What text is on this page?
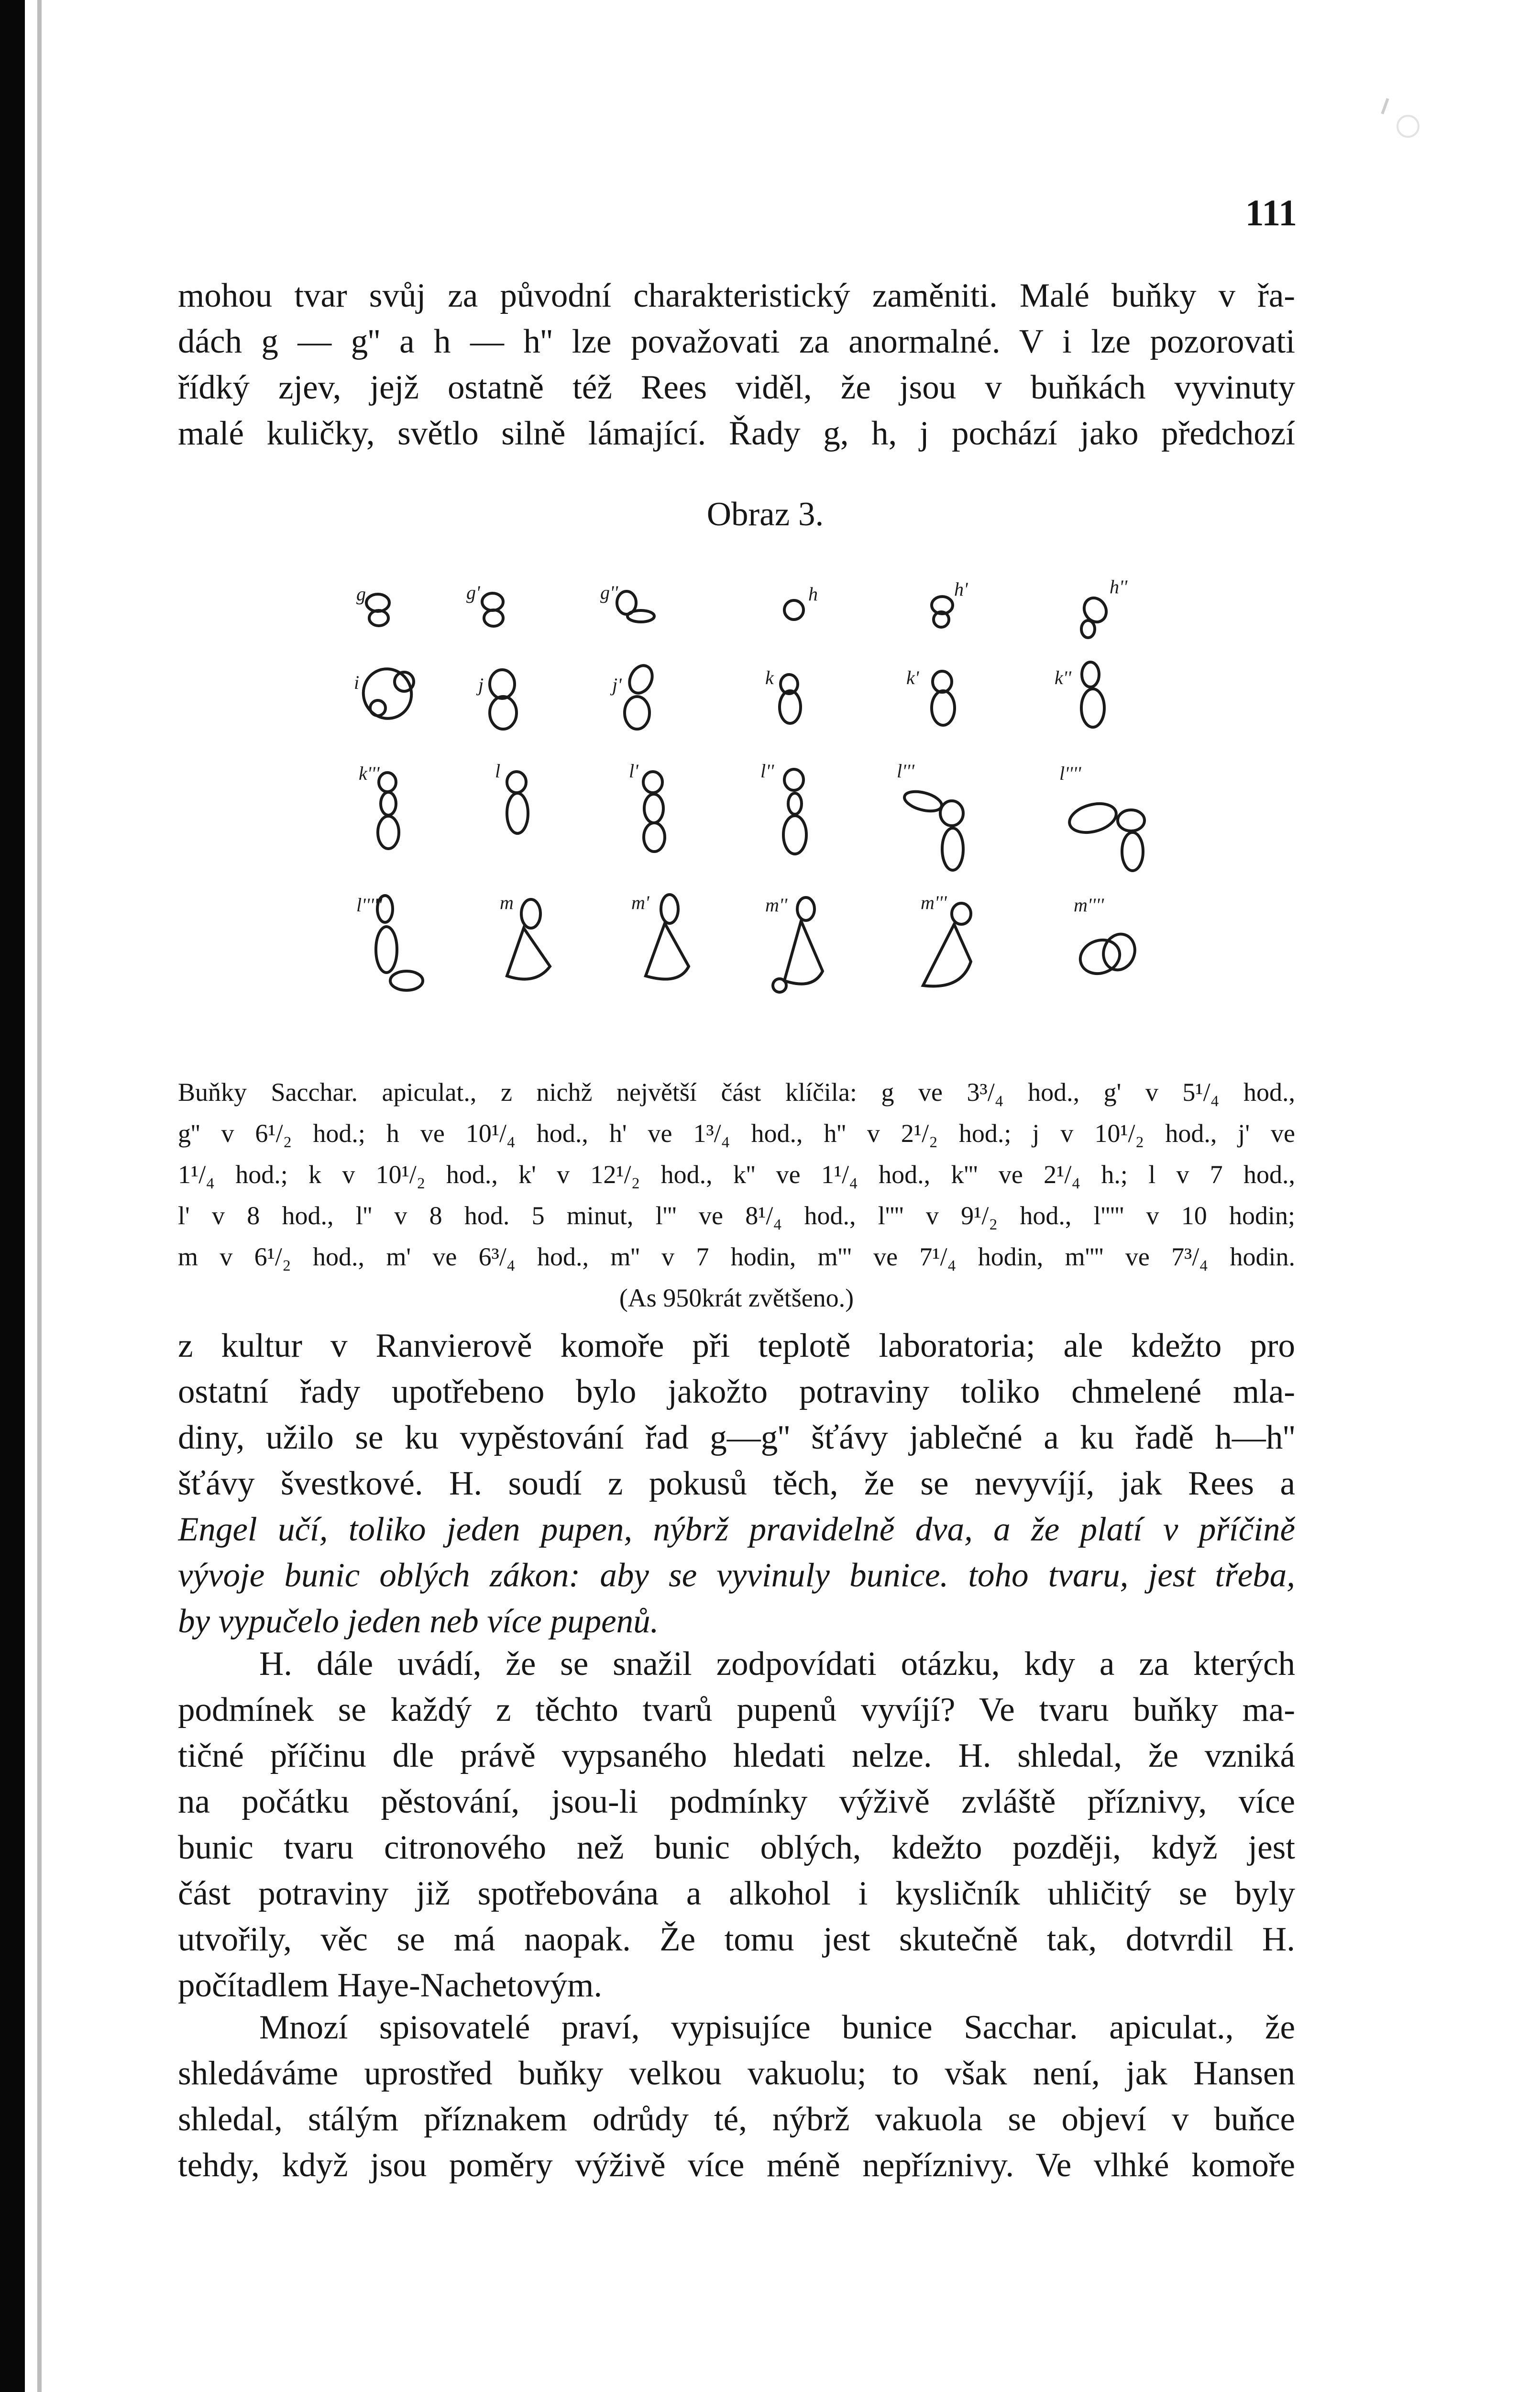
111
mohou tvar svůj za původní charakteristický zaměniti. Malé buňky v řa-
dách g — g'' a h — h'' lze považovati za anormalné. V i lze pozorovati
řídký zjev, jejž ostatně též Rees viděl, že jsou v buňkách vyvinuty
malé kuličky, světlo silně lámající. Řady g, h, j pochází jako předchozí
Obraz 3.
g	g'	g''	h	h'	h''
i	j	j'	k	k'	k''
k'''	l	l'	l''	l'''	l''''
l'''''	m	m'	m''	m'''	m''''
Buňky Sacchar. apiculat., z nichž největší část klíčila: g ve 3³/₄ hod., g' v 5¹/₄ hod.,
g'' v 6¹/₂ hod.; h ve 10¹/₄ hod., h' ve 1³/₄ hod., h'' v 2¹/₂ hod.; j v 10¹/₂ hod., j' ve
1¹/₄ hod.; k v 10¹/₂ hod., k' v 12¹/₂ hod., k'' ve 1¹/₄ hod., k''' ve 2¹/₄ h.; l v 7 hod.,
l' v 8 hod., l'' v 8 hod. 5 minut, l''' ve 8¹/₄ hod., l'''' v 9¹/₂ hod., l''''' v 10 hodin;
m v 6¹/₂ hod., m' ve 6³/₄ hod., m'' v 7 hodin, m''' ve 7¹/₄ hodin, m'''' ve 7³/₄ hodin.
(As 950krát zvětšeno.)
z kultur v Ranvierově komoře při teplotě laboratoria; ale kdežto pro
ostatní řady upotřebeno bylo jakožto potraviny toliko chmelené mla-
diny, užilo se ku vypěstování řad g—g'' šťávy jablečné a ku řadě h—h''
šťávy švestkové. H. soudí z pokusů těch, že se nevyvíjí, jak Rees a
Engel učí, toliko jeden pupen, nýbrž pravidelně dva, a že platí v příčině
vývoje bunic oblých zákon: aby se vyvinuly bunice. toho tvaru, jest třeba,
by vypučelo jeden neb více pupenů.
H. dále uvádí, že se snažil zodpovídati otázku, kdy a za kterých
podmínek se každý z těchto tvarů pupenů vyvíjí? Ve tvaru buňky ma-
tičné příčinu dle právě vypsaného hledati nelze. H. shledal, že vzniká
na počátku pěstování, jsou-li podmínky výživě zvláště příznivy, více
bunic tvaru citronového než bunic oblých, kdežto později, když jest
část potraviny již spotřebována a alkohol i kysličník uhličitý se byly
utvořily, věc se má naopak. Že tomu jest skutečně tak, dotvrdil H.
počítadlem Haye-Nachetovým.
Mnozí spisovatelé praví, vypisujíce bunice Sacchar. apiculat., že
shledáváme uprostřed buňky velkou vakuolu; to však není, jak Hansen
shledal, stálým příznakem odrůdy té, nýbrž vakuola se objeví v buňce
tehdy, když jsou poměry výživě více méně nepříznivy. Ve vlhké komoře
